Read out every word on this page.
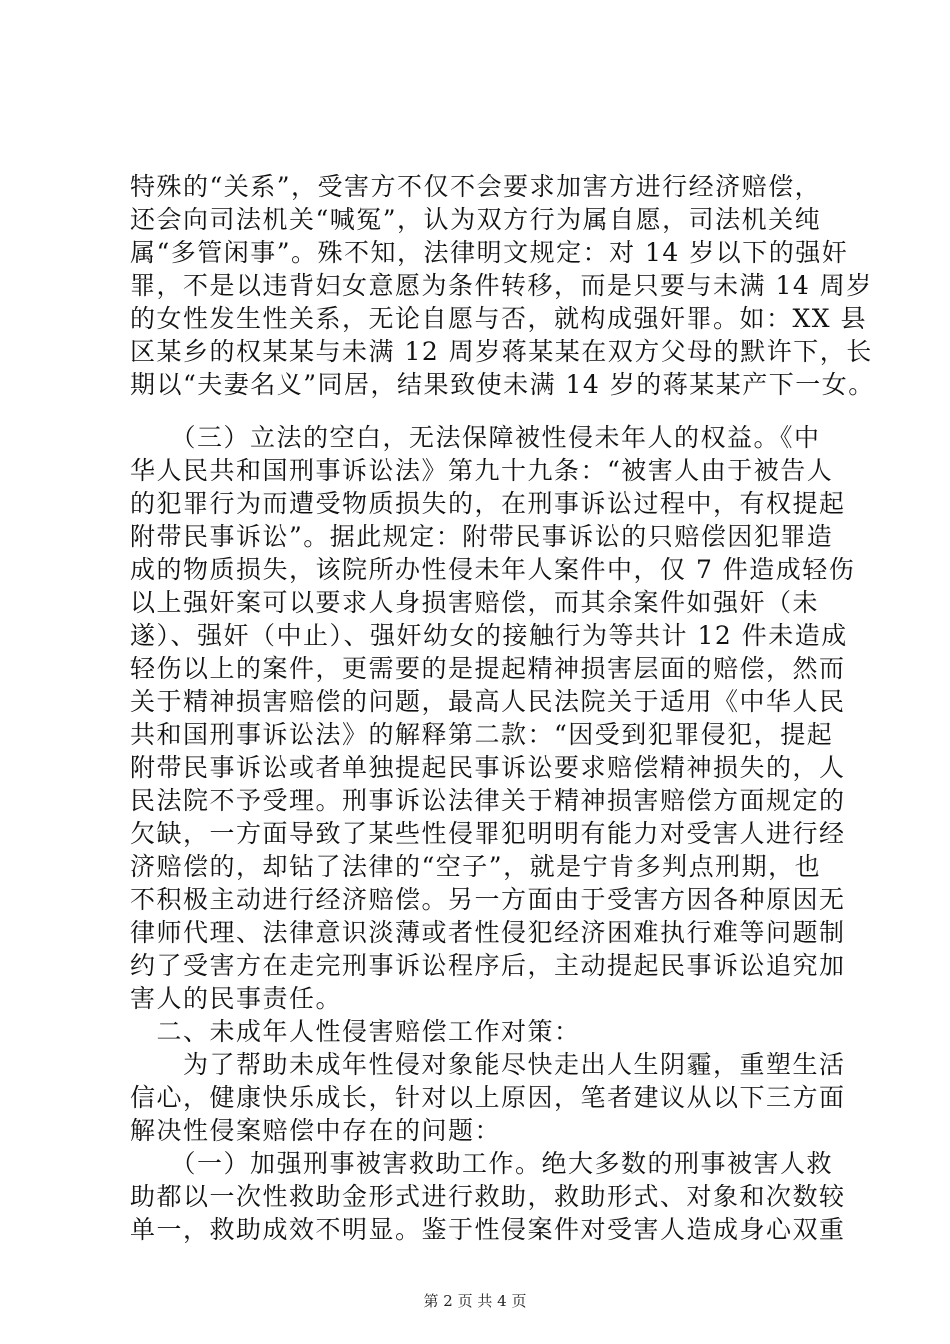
特殊的“关系”，受害方不仅不会要求加害方进行经济赔偿，
还会向司法机关“喊冤”，认为双方行为属自愿，司法机关纯
属“多管闲事”。殊不知，法律明文规定：对 14 岁以下的强奸
罪，不是以违背妇女意愿为条件转移，而是只要与未满 14 周岁
的女性发生性关系，无论自愿与否，就构成强奸罪。如：XX 县
区某乡的权某某与未满 12 周岁蒋某某在双方父母的默许下，长
期以“夫妻名义”同居，结果致使未满 14 岁的蒋某某产下一女。
　　（三）立法的空白，无法保障被性侵未年人的权益。《中
华人民共和国刑事诉讼法》第九十九条：“被害人由于被告人
的犯罪行为而遭受物质损失的，在刑事诉讼过程中，有权提起
附带民事诉讼”。据此规定：附带民事诉讼的只赔偿因犯罪造
成的物质损失，该院所办性侵未年人案件中，仅 7 件造成轻伤
以上强奸案可以要求人身损害赔偿，而其余案件如强奸（未
遂）、强奸（中止）、强奸幼女的接触行为等共计 12 件未造成
轻伤以上的案件，更需要的是提起精神损害层面的赔偿，然而
关于精神损害赔偿的问题，最高人民法院关于适用《中华人民
共和国刑事诉讼法》的解释第二款：“因受到犯罪侵犯，提起
附带民事诉讼或者单独提起民事诉讼要求赔偿精神损失的，人
民法院不予受理。刑事诉讼法律关于精神损害赔偿方面规定的
欠缺，一方面导致了某些性侵罪犯明明有能力对受害人进行经
济赔偿的，却钻了法律的“空子”，就是宁肯多判点刑期，也
不积极主动进行经济赔偿。另一方面由于受害方因各种原因无
律师代理、法律意识淡薄或者性侵犯经济困难执行难等问题制
约了受害方在走完刑事诉讼程序后，主动提起民事诉讼追究加
害人的民事责任。
　二、未成年人性侵害赔偿工作对策：
　　为了帮助未成年性侵对象能尽快走出人生阴霾，重塑生活
信心，健康快乐成长，针对以上原因，笔者建议从以下三方面
解决性侵案赔偿中存在的问题：
　　（一）加强刑事被害救助工作。绝大多数的刑事被害人救
助都以一次性救助金形式进行救助，救助形式、对象和次数较
单一，救助成效不明显。鉴于性侵案件对受害人造成身心双重
第 2 页 共 4 页
